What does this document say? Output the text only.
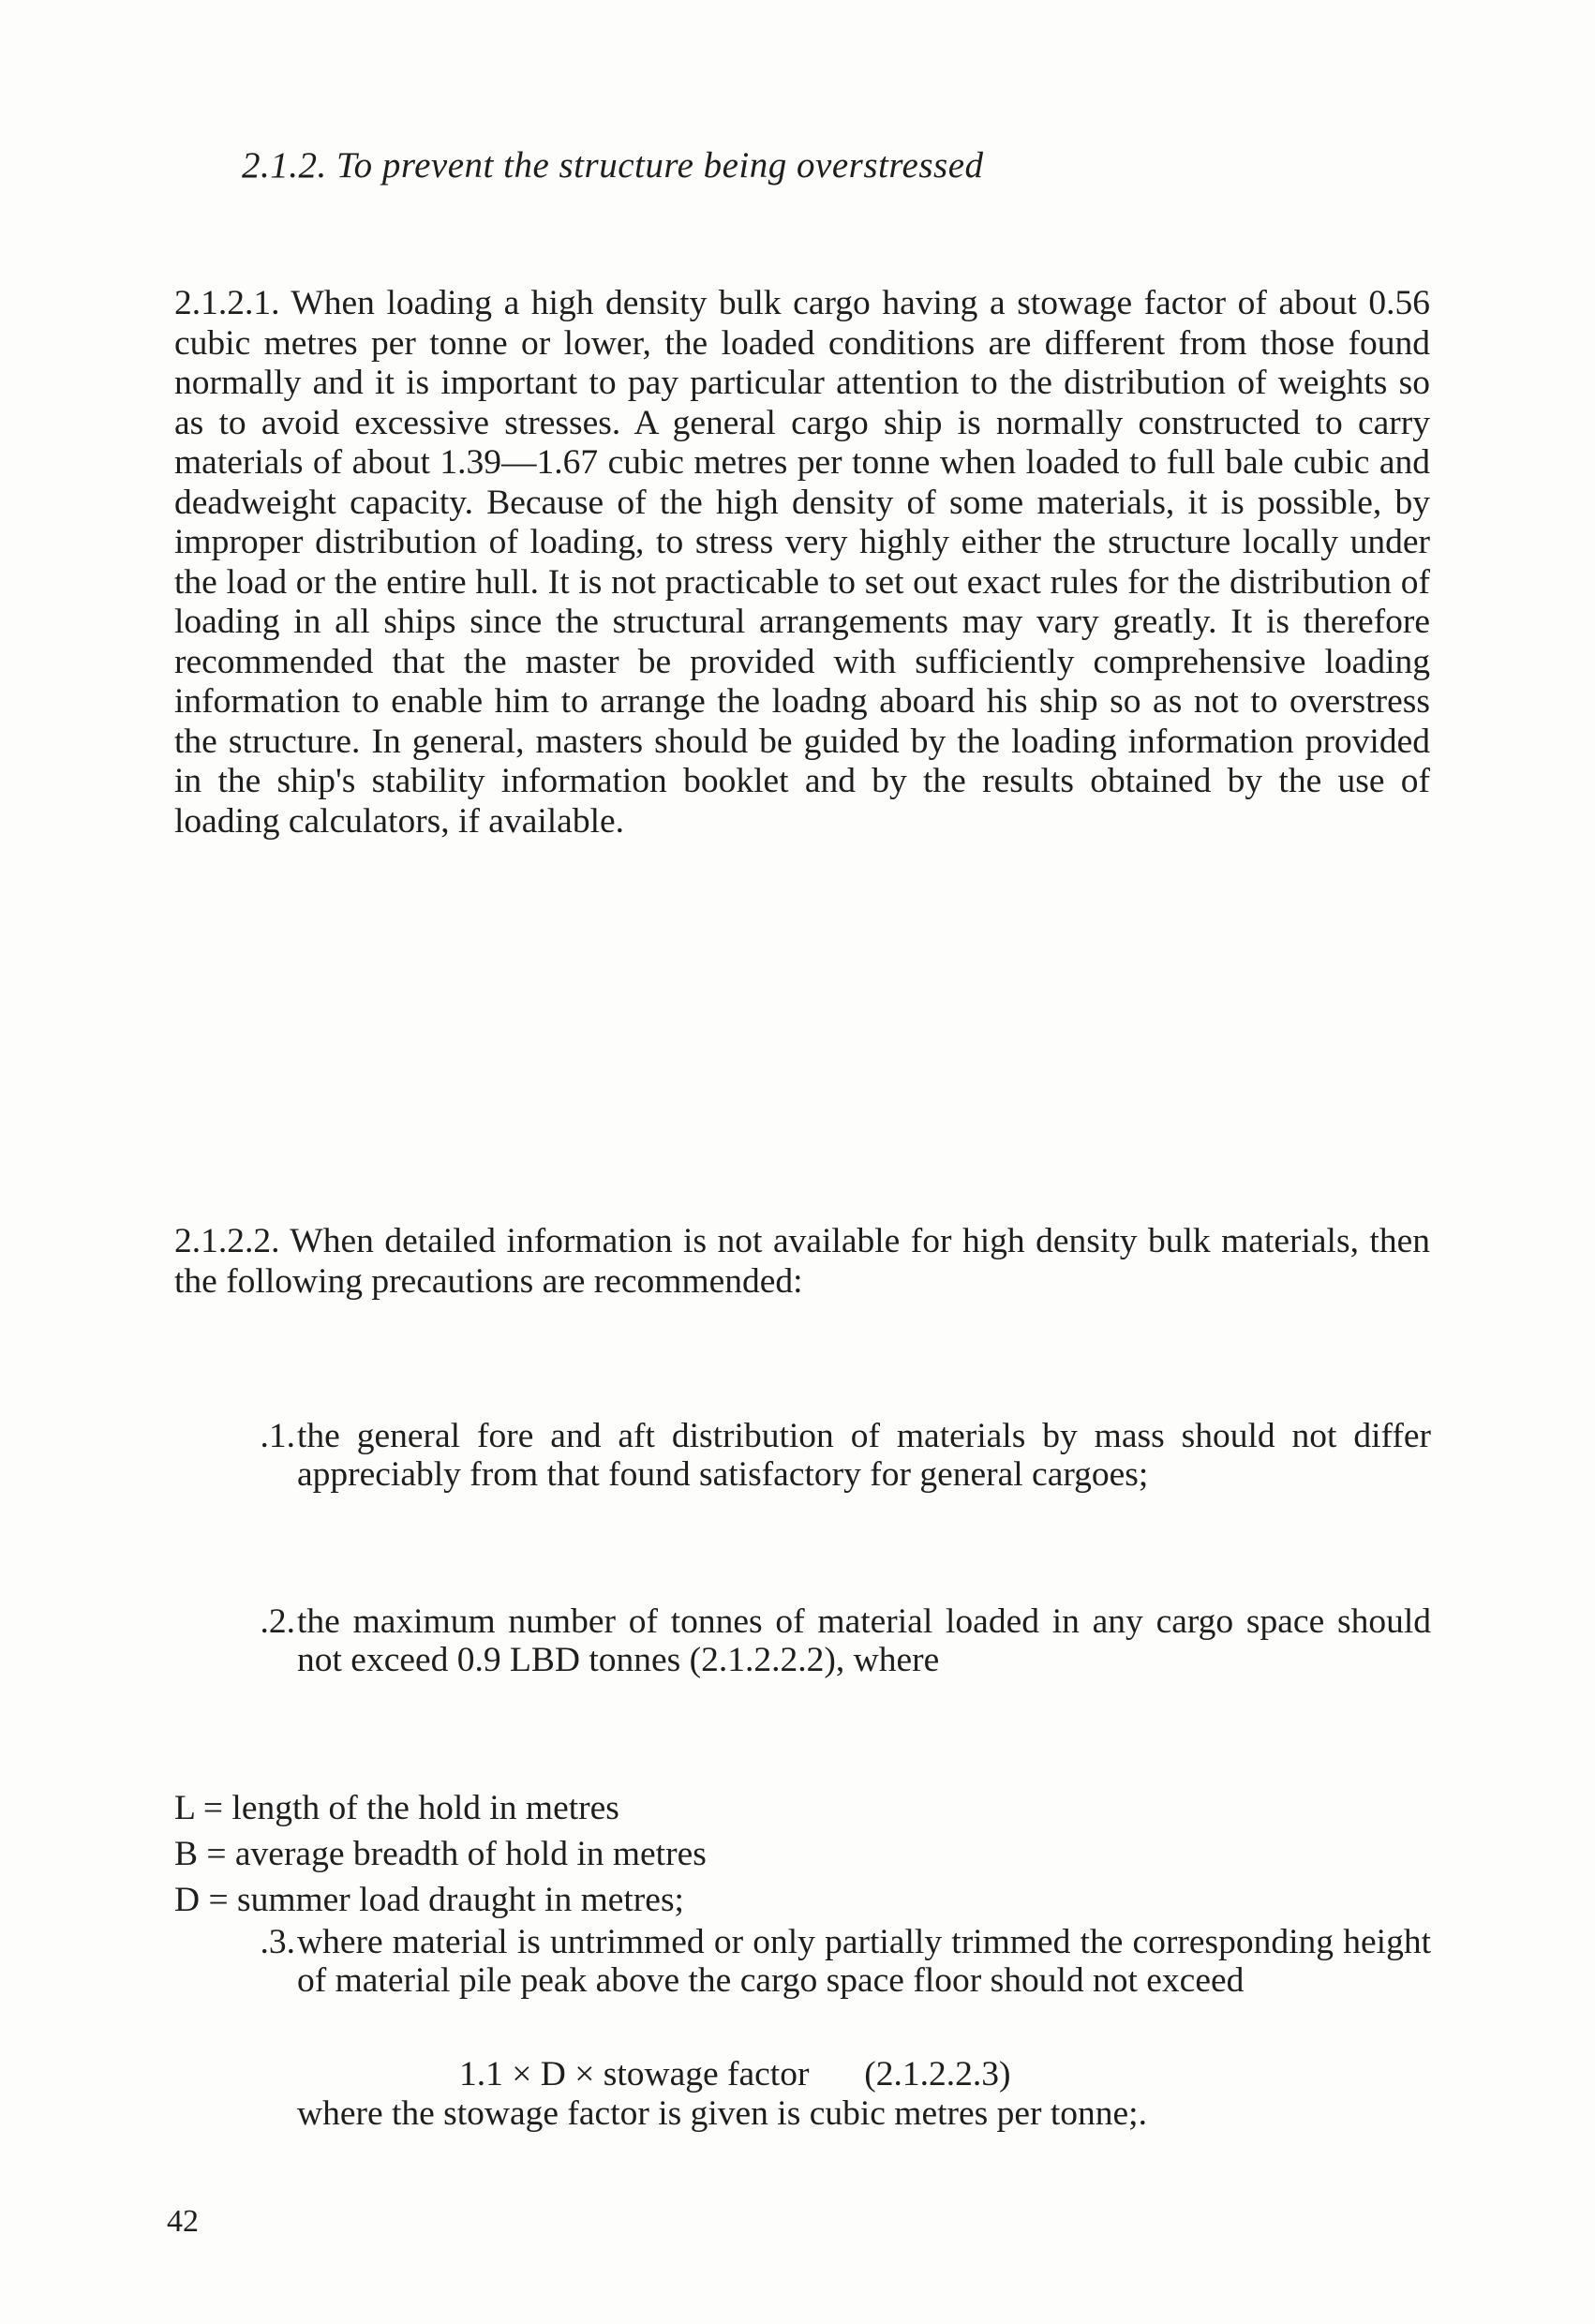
2.1.2. To prevent the structure being overstressed

2.1.2.1. When loading a high density bulk cargo having a stowage factor of about 0.56 cubic metres per tonne or lower, the loaded conditions are different from those found normally and it is important to pay particular attention to the distribution of weights so as to avoid excessive stresses. A general cargo ship is normally constructed to carry materials of about 1.39—1.67 cubic metres per tonne when loaded to full bale cubic and deadweight capacity. Because of the high density of some materials, it is possible, by improper distribution of loading, to stress very highly either the structure locally under the load or the entire hull. It is not practicable to set out exact rules for the distribution of loading in all ships since the structural arrangements may vary greatly. It is therefore recommended that the master be provided with sufficiently comprehensive loading information to enable him to arrange the loadng aboard his ship so as not to overstress the structure. In general, masters should be guided by the loading information provided in the ship's stability information booklet and by the results obtained by the use of loading calculators, if available.

2.1.2.2. When detailed information is not available for high density bulk materials, then the following precautions are recommended:

.1. the general fore and aft distribution of materials by mass should not differ appreciably from that found satisfactory for general cargoes;
.2. the maximum number of tonnes of material loaded in any cargo space should not exceed 0.9 LBD tonnes (2.1.2.2.2), where
L = length of the hold in metres
B = average breadth of hold in metres
D = summer load draught in metres;
.3. where material is untrimmed or only partially trimmed the corresponding height of material pile peak above the cargo space floor should not exceed
1.1 × D × stowage factor (2.1.2.2.3)
where the stowage factor is given is cubic metres per tonne;.
42
